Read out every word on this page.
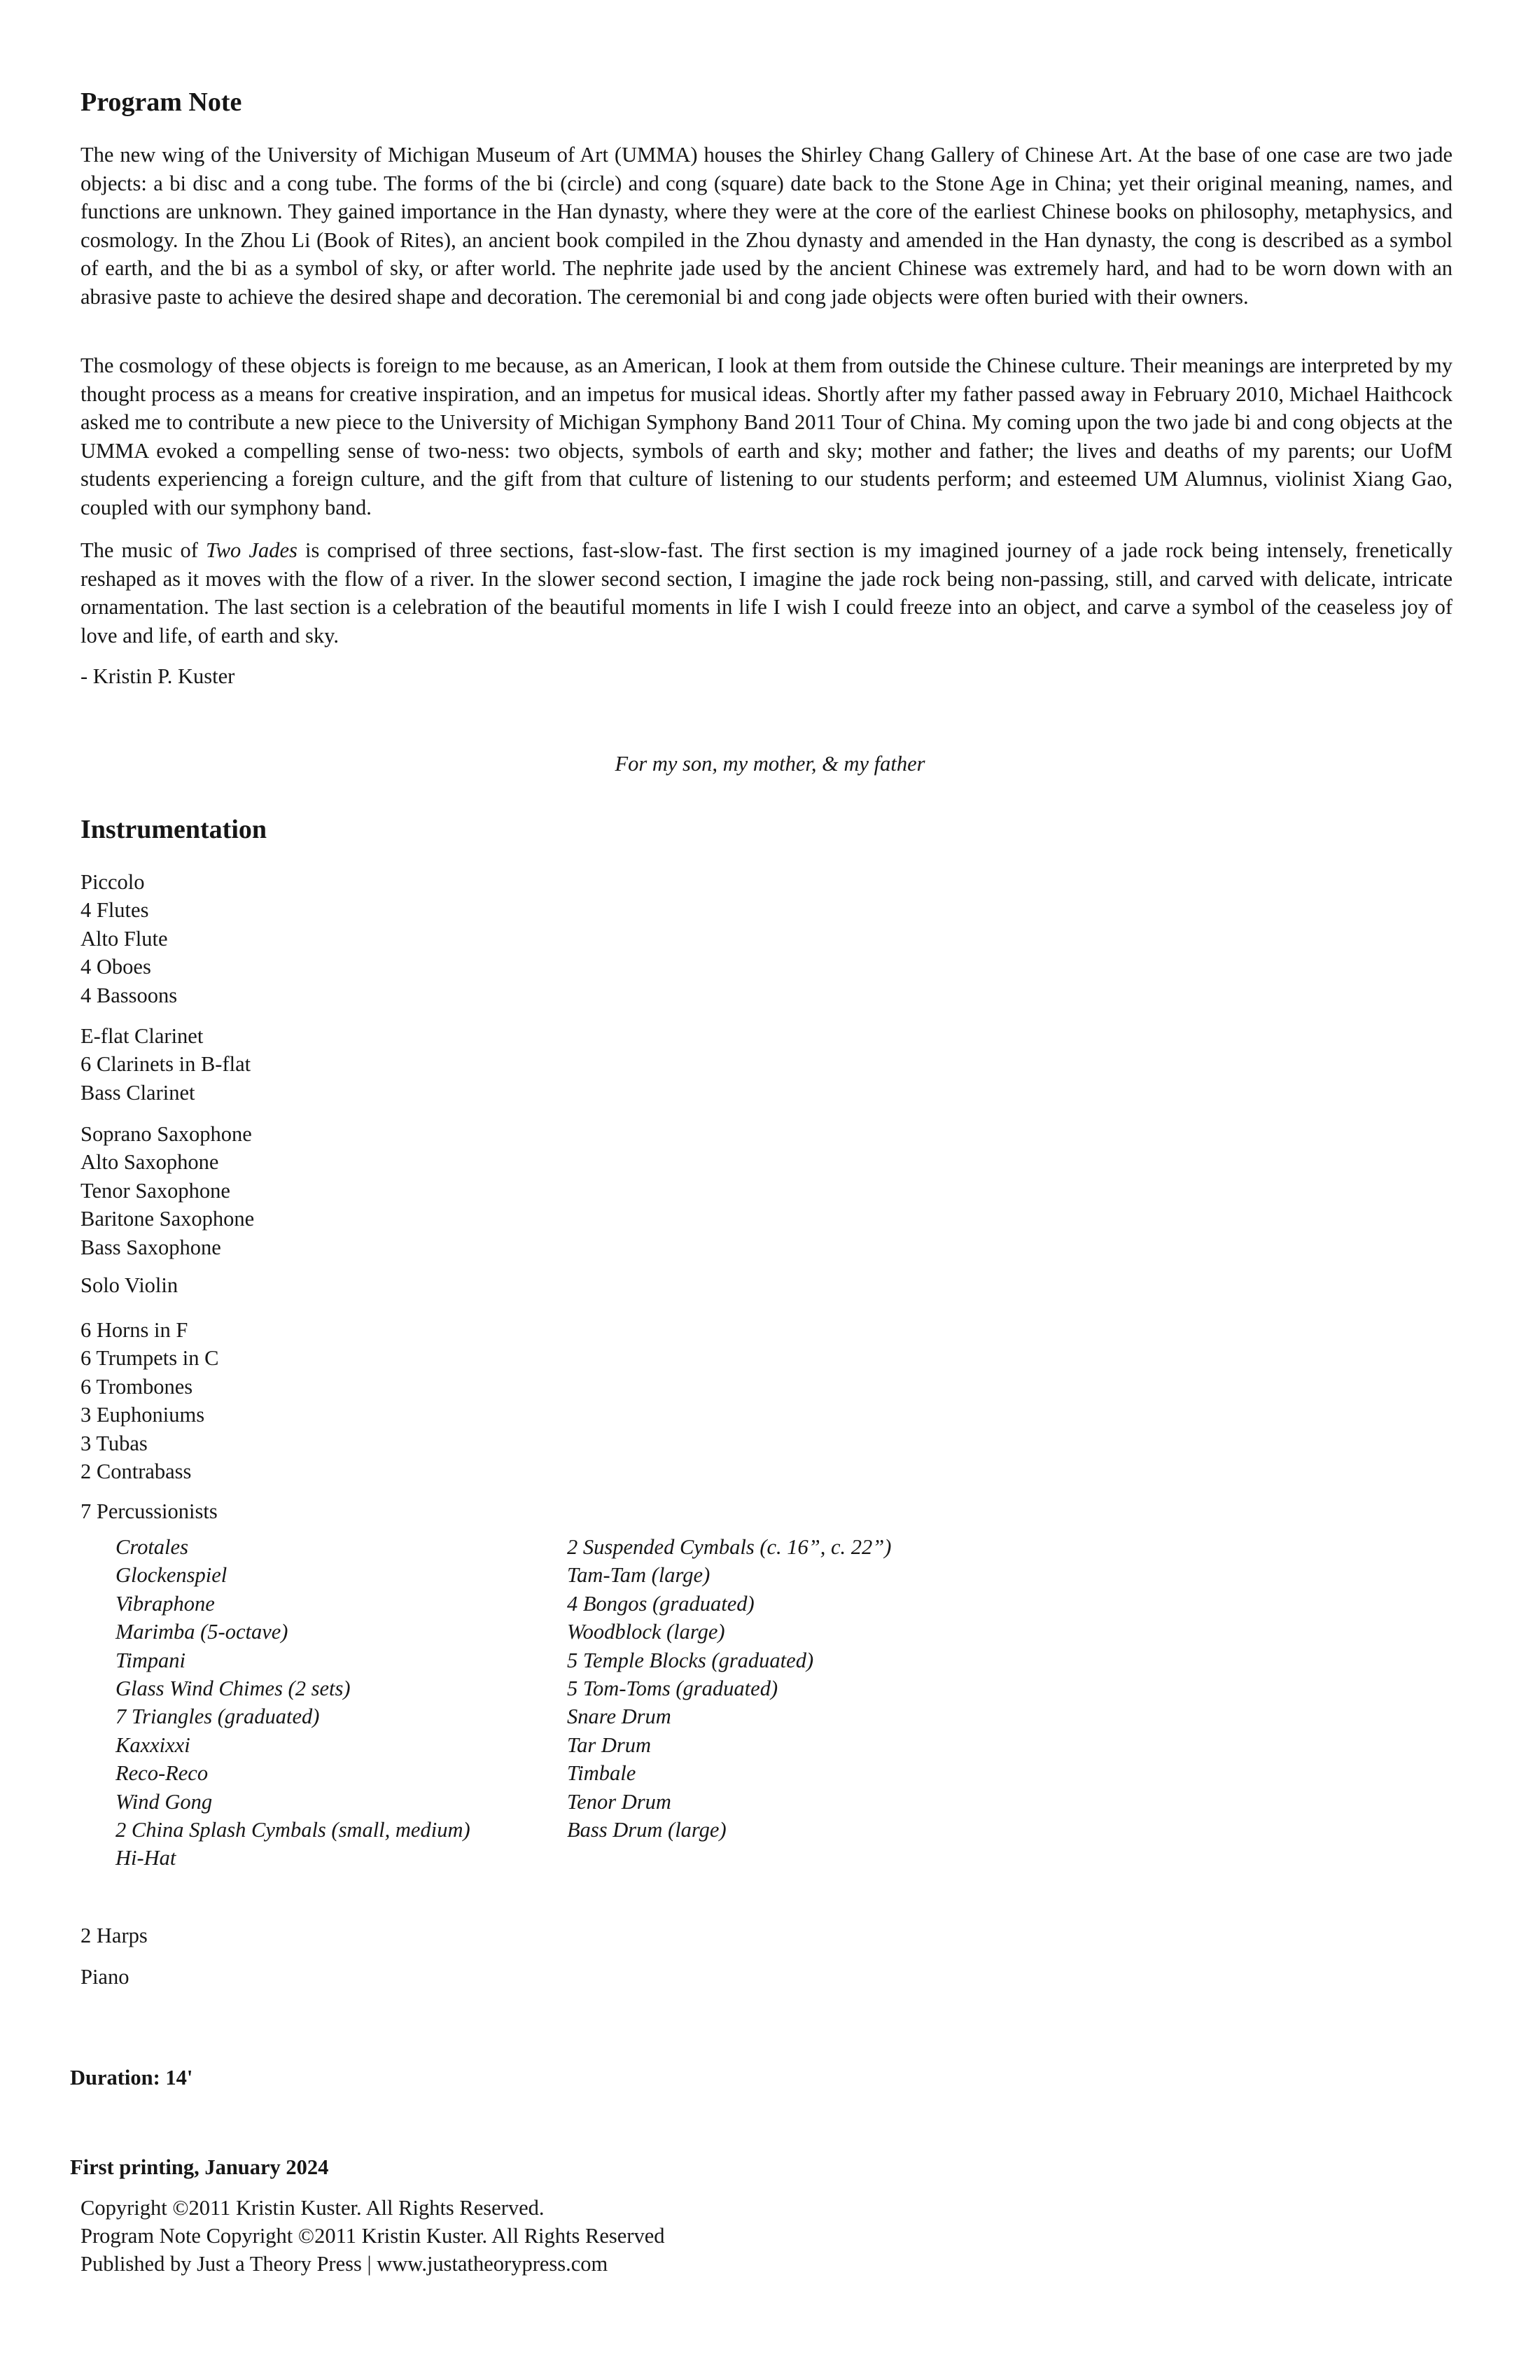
Program Note

The new wing of the University of Michigan Museum of Art (UMMA) houses the Shirley Chang Gallery of Chinese Art. At the base of one case are two jade objects: a bi disc and a cong tube. The forms of the bi (circle) and cong (square) date back to the Stone Age in China; yet their original meaning, names, and functions are unknown. They gained importance in the Han dynasty, where they were at the core of the earliest Chinese books on philosophy, metaphysics, and cosmology. In the Zhou Li (Book of Rites), an ancient book compiled in the Zhou dynasty and amended in the Han dynasty, the cong is described as a symbol of earth, and the bi as a symbol of sky, or after world. The nephrite jade used by the ancient Chinese was extremely hard, and had to be worn down with an abrasive paste to achieve the desired shape and decoration. The ceremonial bi and cong jade objects were often buried with their owners.

The cosmology of these objects is foreign to me because, as an American, I look at them from outside the Chinese culture. Their meanings are interpreted by my thought process as a means for creative inspiration, and an impetus for musical ideas. Shortly after my father passed away in February 2010, Michael Haithcock asked me to contribute a new piece to the University of Michigan Symphony Band 2011 Tour of China. My coming upon the two jade bi and cong objects at the UMMA evoked a compelling sense of two-ness: two objects, symbols of earth and sky; mother and father; the lives and deaths of my parents; our UofM students experiencing a foreign culture, and the gift from that culture of listening to our students perform; and esteemed UM Alumnus, violinist Xiang Gao, coupled with our symphony band.

The music of Two Jades is comprised of three sections, fast-slow-fast. The first section is my imagined journey of a jade rock being intensely, frenetically reshaped as it moves with the flow of a river. In the slower second section, I imagine the jade rock being non-passing, still, and carved with delicate, intricate ornamentation. The last section is a celebration of the beautiful moments in life I wish I could freeze into an object, and carve a symbol of the ceaseless joy of love and life, of earth and sky.

- Kristin P. Kuster

For my son, my mother, & my father

Instrumentation
Piccolo
4 Flutes
Alto Flute
4 Oboes
4 Bassoons
E-flat Clarinet
6 Clarinets in B-flat
Bass Clarinet
Soprano Saxophone
Alto Saxophone
Tenor Saxophone
Baritone Saxophone
Bass Saxophone

Solo Violin

6 Horns in F
6 Trumpets in C
6 Trombones
3 Euphoniums
3 Tubas
2 Contrabass

7 Percussionists

Crotales
Glockenspiel
Vibraphone
Marimba (5-octave)
Timpani
Glass Wind Chimes (2 sets)
7 Triangles (graduated)
Kaxxixxi
Reco-Reco
Wind Gong
2 China Splash Cymbals (small, medium)
Hi-Hat
2 Suspended Cymbals (c. 16”, c. 22”)
Tam-Tam (large)
4 Bongos (graduated)
Woodblock (large)
5 Temple Blocks (graduated)
5 Tom-Toms (graduated)
Snare Drum
Tar Drum
Timbale
Tenor Drum
Bass Drum (large)

2 Harps

Piano

Duration: 14'

First printing, January 2024

Copyright ©2011 Kristin Kuster. All Rights Reserved.
Program Note Copyright ©2011 Kristin Kuster. All Rights Reserved
Published by Just a Theory Press | www.justatheorypress.com
